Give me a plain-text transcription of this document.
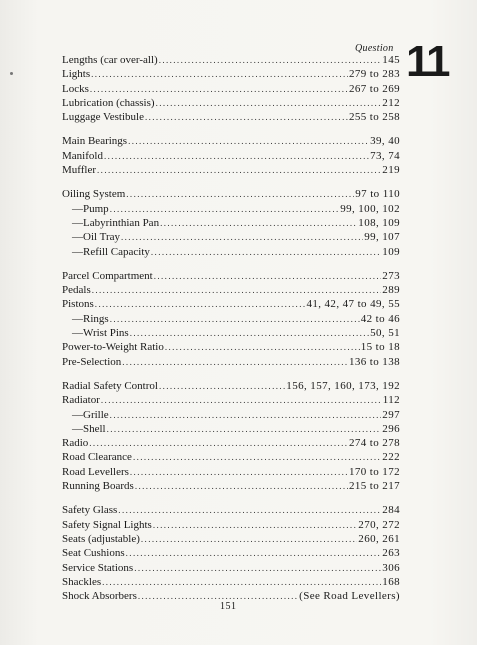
Question 11
Lengths (car over-all) .....	145
Lights .....	279 to 283
Locks .....	267 to 269
Lubrication (chassis) .....	212
Luggage Vestibule .....	255 to 258
Main Bearings .....	39, 40
Manifold .....	73, 74
Muffler .....	219
Oiling System .....	97 to 110
—Pump .....	99, 100, 102
—Labyrinthian Pan .....	108, 109
—Oil Tray .....	99, 107
—Refill Capacity .....	109
Parcel Compartment .....	273
Pedals .....	289
Pistons .....	41, 42, 47 to 49, 55
—Rings .....	42 to 46
—Wrist Pins .....	50, 51
Power-to-Weight Ratio .....	15 to 18
Pre-Selection .....	136 to 138
Radial Safety Control .....	156, 157, 160, 173, 192
Radiator .....	112
—Grille .....	297
—Shell .....	296
Radio .....	274 to 278
Road Clearance .....	222
Road Levellers .....	170 to 172
Running Boards .....	215 to 217
Safety Glass .....	284
Safety Signal Lights .....	270, 272
Seats (adjustable) .....	260, 261
Seat Cushions .....	263
Service Stations .....	306
Shackles .....	168
Shock Absorbers .....	(See Road Levellers)
151
